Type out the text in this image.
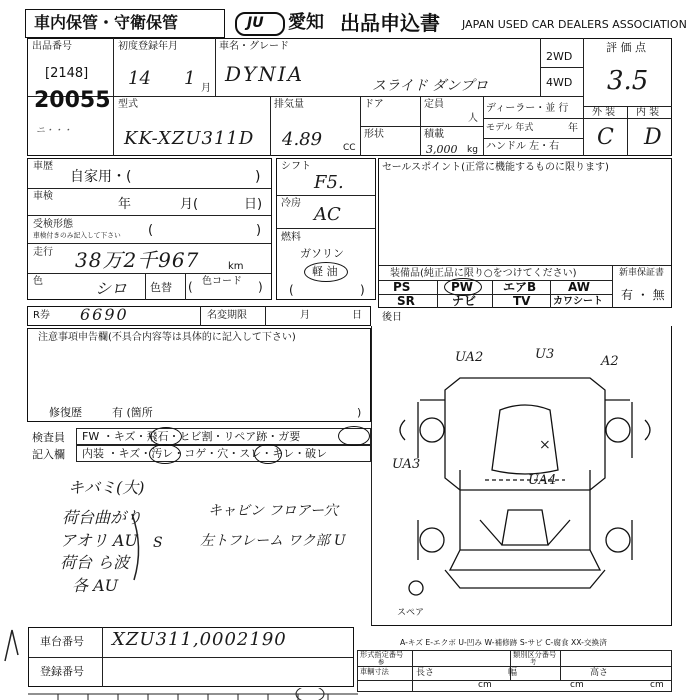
車内保管・守衛保管	JU 愛知 出品申込書 JAPAN USED CAR DEALERS ASSOCIATION
出品番号
[2148]
20055
ニ・・・
初度登録年月
14 1 月
車名・グレード
DYNIA	スライド ダンプロ
2WD
4WD
評 価 点
3.5
型式
KK-XZU311D
排気量
4.89 CC
ドア	定員
人
形状	積載
3,000 kg
ディーラー・並 行
モデル 年式	年
ハンドル 左・右
外 装 内 装
C D
車歴
自家用・(	)
車検
年	月(	日)
受検形態
車検付きのみ記入して下さい (	)
走行 38万2千967	km
色	シロ 色替 (	)
色コード
シフト
F5.
冷房
AC
燃料
ガソリン
軽 油
(	)
セールスポイント(正常に機能するものに限ります)
装備品(純正品に限り○をつけてください)
PS	PW エアB	AW
SR	ナビ	TV カワシート
新車保証書
有 ・ 無
R券 6690	名変期限	月	日 後日
注意事項申告欄(不具合内容等は具体的に記入して下さい)
修復歴	有 (箇所	)
検査員
記入欄
FW ・キズ・飛石・ヒビ割・リペア跡・ガ要
内装 ・キズ・汚レ・コゲ・穴・スレ・キレ・破レ
キバミ(大)
荷台曲がり
アオリ AU
荷台 ら波
各 AU
キャビン フロアー穴
左トフレーム ワク部 U
S
UA2	U3	A2
UA3
UA4
×
スペア
A-キズ E-エクボ U-凹み W-補修跡 S-サビ C-腐食 XX-交換済
車台番号 XZU311,0002190
登録番号
形式指定番号	類別区分番号
参	考
車輌寸法	長さ
cm
幅
cm
高さ
cm
